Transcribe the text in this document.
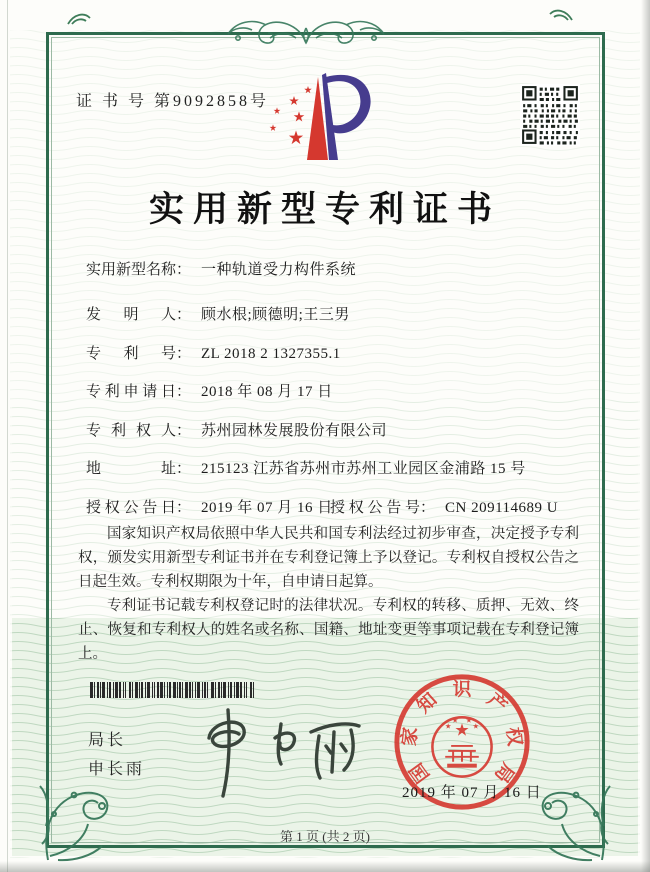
证 书 号 第9092858号
实用新型专利证书
实用新型名称： 一种轨道受力构件系统
发明人： 顾水根;顾德明;王三男
专利号： ZL 2018 2 1327355.1
专利申请日： 2018 年 08 月 17 日
专利权人： 苏州园林发展股份有限公司
地址： 215123 江苏省苏州市苏州工业园区金浦路 15 号
授权公告日： 2019 年 07 月 16 日
授权公告号： CN 209114689 U

国家知识产权局依照中华人民共和国专利法经过初步审查，决定授予专利权，颁发实用新型专利证书并在专利登记簿上予以登记。专利权自授权公告之日起生效。专利权期限为十年，自申请日起算。

专利证书记载专利权登记时的法律状况。专利权的转移、质押、无效、终止、恢复和专利权人的姓名或名称、国籍、地址变更等事项记载在专利登记簿上。

局长
申长雨	国
家
知 识 产
权
局
2019 年 07 月 16 日
第 1 页 (共 2 页)
